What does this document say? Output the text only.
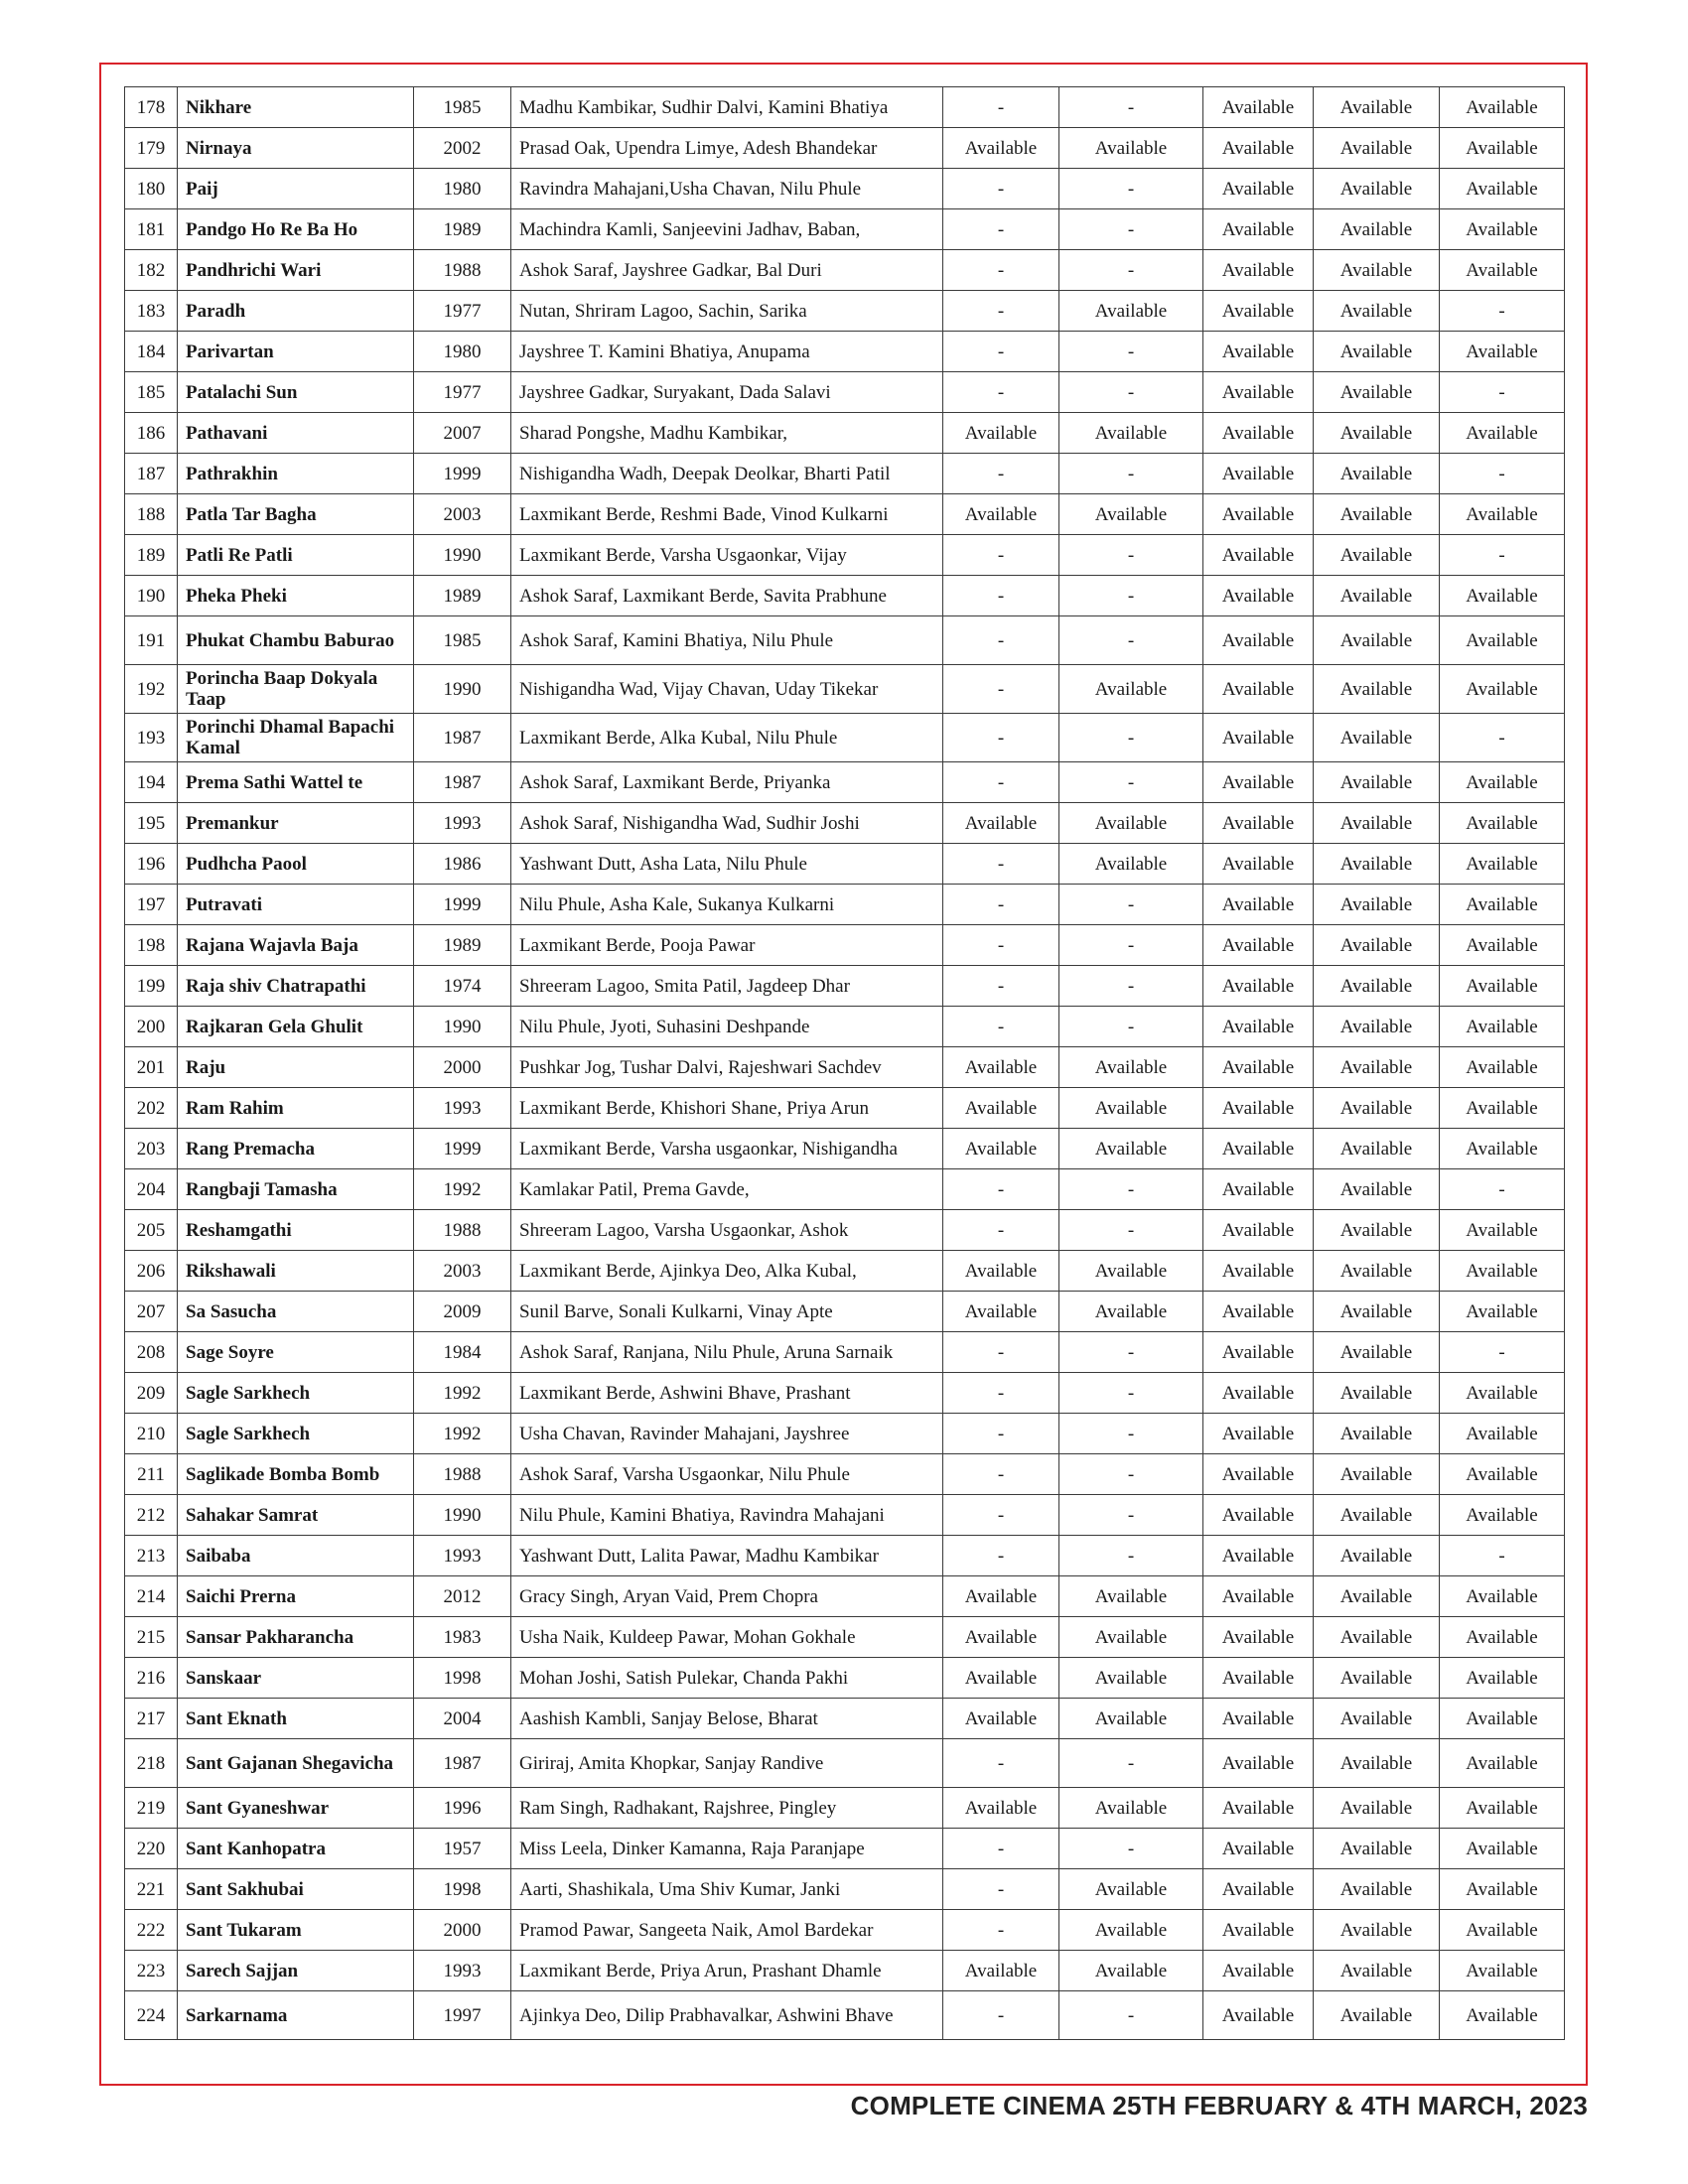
178	Nikhare	1985	Madhu Kambikar, Sudhir Dalvi, Kamini Bhatiya	-	-	Available	Available	Available
179	Nirnaya	2002	Prasad Oak, Upendra Limye, Adesh Bhandekar	Available	Available	Available	Available	Available
180	Paij	1980	Ravindra Mahajani,Usha Chavan, Nilu Phule	-	-	Available	Available	Available
181	Pandgo Ho Re Ba Ho	1989	Machindra Kamli, Sanjeevini Jadhav, Baban,	-	-	Available	Available	Available
182	Pandhrichi Wari	1988	Ashok Saraf, Jayshree Gadkar, Bal Duri	-	-	Available	Available	Available
183	Paradh	1977	Nutan, Shriram Lagoo, Sachin, Sarika	-	Available	Available	Available	-
184	Parivartan	1980	Jayshree T. Kamini Bhatiya, Anupama	-	-	Available	Available	Available
185	Patalachi Sun	1977	Jayshree Gadkar, Suryakant, Dada Salavi	-	-	Available	Available	-
186	Pathavani	2007	Sharad Pongshe, Madhu Kambikar,	Available	Available	Available	Available	Available
187	Pathrakhin	1999	Nishigandha Wadh, Deepak Deolkar, Bharti Patil	-	-	Available	Available	-
188	Patla Tar Bagha	2003	Laxmikant Berde, Reshmi Bade, Vinod Kulkarni	Available	Available	Available	Available	Available
189	Patli Re Patli	1990	Laxmikant Berde, Varsha Usgaonkar, Vijay	-	-	Available	Available	-
190	Pheka Pheki	1989	Ashok Saraf, Laxmikant Berde, Savita Prabhune	-	-	Available	Available	Available
191	Phukat Chambu Baburao	1985	Ashok Saraf, Kamini Bhatiya, Nilu Phule	-	-	Available	Available	Available
192	Porincha Baap Dokyala Taap	1990	Nishigandha Wad, Vijay Chavan, Uday Tikekar	-	Available	Available	Available	Available
193	Porinchi Dhamal Bapachi Kamal	1987	Laxmikant Berde, Alka Kubal, Nilu Phule	-	-	Available	Available	-
194	Prema Sathi Wattel te	1987	Ashok Saraf, Laxmikant Berde, Priyanka	-	-	Available	Available	Available
195	Premankur	1993	Ashok Saraf, Nishigandha Wad, Sudhir Joshi	Available	Available	Available	Available	Available
196	Pudhcha Paool	1986	Yashwant Dutt, Asha Lata, Nilu Phule	-	Available	Available	Available	Available
197	Putravati	1999	Nilu Phule, Asha Kale, Sukanya Kulkarni	-	-	Available	Available	Available
198	Rajana Wajavla Baja	1989	Laxmikant Berde, Pooja Pawar	-	-	Available	Available	Available
199	Raja shiv Chatrapathi	1974	Shreeram Lagoo, Smita Patil, Jagdeep Dhar	-	-	Available	Available	Available
200	Rajkaran Gela Ghulit	1990	Nilu Phule, Jyoti, Suhasini Deshpande	-	-	Available	Available	Available
201	Raju	2000	Pushkar Jog, Tushar Dalvi, Rajeshwari Sachdev	Available	Available	Available	Available	Available
202	Ram Rahim	1993	Laxmikant Berde, Khishori Shane, Priya Arun	Available	Available	Available	Available	Available
203	Rang Premacha	1999	Laxmikant Berde, Varsha usgaonkar, Nishigandha	Available	Available	Available	Available	Available
204	Rangbaji Tamasha	1992	Kamlakar Patil, Prema Gavde,	-	-	Available	Available	-
205	Reshamgathi	1988	Shreeram Lagoo, Varsha Usgaonkar, Ashok	-	-	Available	Available	Available
206	Rikshawali	2003	Laxmikant Berde, Ajinkya Deo, Alka Kubal,	Available	Available	Available	Available	Available
207	Sa Sasucha	2009	Sunil Barve, Sonali Kulkarni, Vinay Apte	Available	Available	Available	Available	Available
208	Sage Soyre	1984	Ashok Saraf, Ranjana, Nilu Phule, Aruna Sarnaik	-	-	Available	Available	-
209	Sagle Sarkhech	1992	Laxmikant Berde, Ashwini Bhave, Prashant	-	-	Available	Available	Available
210	Sagle Sarkhech	1992	Usha Chavan, Ravinder Mahajani, Jayshree	-	-	Available	Available	Available
211	Saglikade Bomba Bomb	1988	Ashok Saraf, Varsha Usgaonkar, Nilu Phule	-	-	Available	Available	Available
212	Sahakar Samrat	1990	Nilu Phule, Kamini Bhatiya, Ravindra Mahajani	-	-	Available	Available	Available
213	Saibaba	1993	Yashwant Dutt, Lalita Pawar, Madhu Kambikar	-	-	Available	Available	-
214	Saichi Prerna	2012	Gracy Singh, Aryan Vaid, Prem Chopra	Available	Available	Available	Available	Available
215	Sansar Pakharancha	1983	Usha Naik, Kuldeep Pawar, Mohan Gokhale	Available	Available	Available	Available	Available
216	Sanskaar	1998	Mohan Joshi, Satish Pulekar, Chanda Pakhi	Available	Available	Available	Available	Available
217	Sant Eknath	2004	Aashish Kambli, Sanjay Belose, Bharat	Available	Available	Available	Available	Available
218	Sant Gajanan Shegavicha	1987	Giriraj, Amita Khopkar, Sanjay Randive	-	-	Available	Available	Available
219	Sant Gyaneshwar	1996	Ram Singh, Radhakant, Rajshree, Pingley	Available	Available	Available	Available	Available
220	Sant Kanhopatra	1957	Miss Leela, Dinker Kamanna, Raja Paranjape	-	-	Available	Available	Available
221	Sant Sakhubai	1998	Aarti, Shashikala, Uma Shiv Kumar, Janki	-	Available	Available	Available	Available
222	Sant Tukaram	2000	Pramod Pawar, Sangeeta Naik, Amol Bardekar	-	Available	Available	Available	Available
223	Sarech Sajjan	1993	Laxmikant Berde, Priya Arun, Prashant Dhamle	Available	Available	Available	Available	Available
224	Sarkarnama	1997	Ajinkya Deo, Dilip Prabhavalkar, Ashwini Bhave	-	-	Available	Available	Available
COMPLETE CINEMA 25TH FEBRUARY & 4TH MARCH, 2023
